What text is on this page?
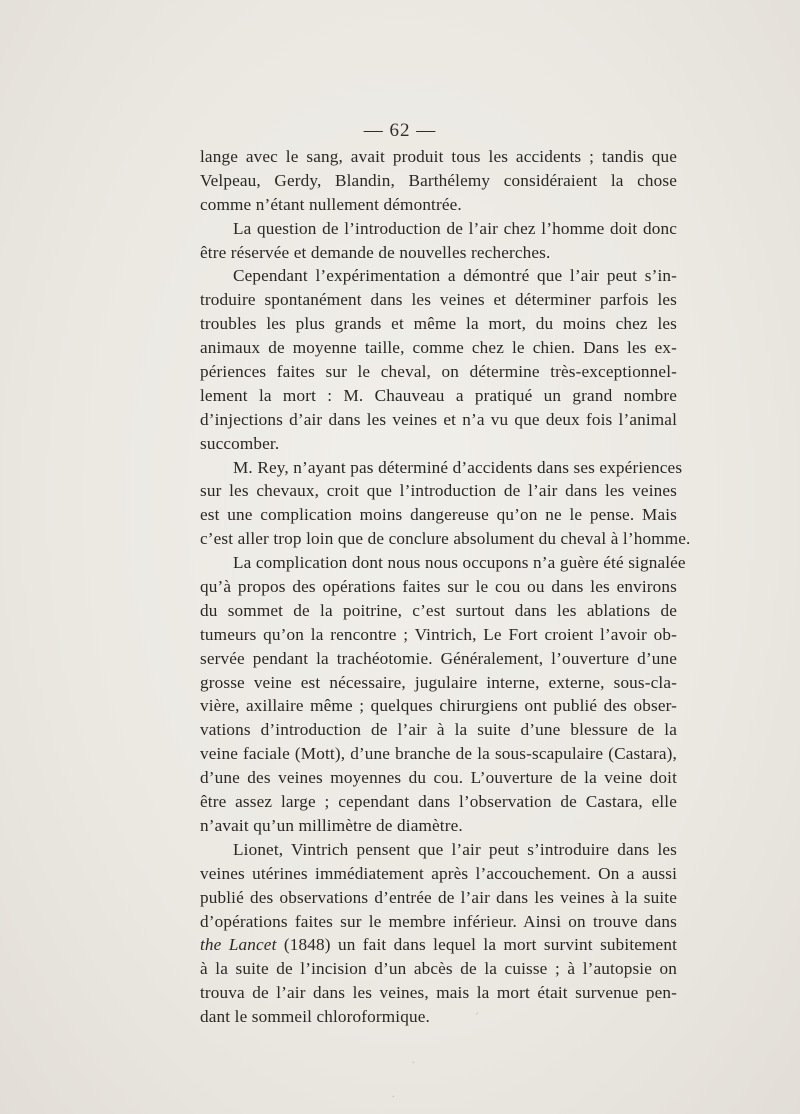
— 62 —
lange avec le sang, avait produit tous les accidents ; tandis que
Velpeau, Gerdy, Blandin, Barthélemy considéraient la chose
comme n’étant nullement démontrée.
La question de l’introduction de l’air chez l’homme doit donc
être réservée et demande de nouvelles recherches.
Cependant l’expérimentation a démontré que l’air peut s’in-
troduire spontanément dans les veines et déterminer parfois les
troubles les plus grands et même la mort, du moins chez les
animaux de moyenne taille, comme chez le chien. Dans les ex-
périences faites sur le cheval, on détermine très-exceptionnel-
lement la mort : M. Chauveau a pratiqué un grand nombre
d’injections d’air dans les veines et n’a vu que deux fois l’animal
succomber.
M. Rey, n’ayant pas déterminé d’accidents dans ses expériences
sur les chevaux, croit que l’introduction de l’air dans les veines
est une complication moins dangereuse qu’on ne le pense. Mais
c’est aller trop loin que de conclure absolument du cheval à l’homme.
La complication dont nous nous occupons n’a guère été signalée
qu’à propos des opérations faites sur le cou ou dans les environs
du sommet de la poitrine, c’est surtout dans les ablations de
tumeurs qu’on la rencontre ; Vintrich, Le Fort croient l’avoir ob-
servée pendant la trachéotomie. Généralement, l’ouverture d’une
grosse veine est nécessaire, jugulaire interne, externe, sous-cla-
vière, axillaire même ; quelques chirurgiens ont publié des obser-
vations d’introduction de l’air à la suite d’une blessure de la
veine faciale (Mott), d’une branche de la sous-scapulaire (Castara),
d’une des veines moyennes du cou. L’ouverture de la veine doit
être assez large ; cependant dans l’observation de Castara, elle
n’avait qu’un millimètre de diamètre.
Lionet, Vintrich pensent que l’air peut s’introduire dans les
veines utérines immédiatement après l’accouchement. On a aussi
publié des observations d’entrée de l’air dans les veines à la suite
d’opérations faites sur le membre inférieur. Ainsi on trouve dans
the Lancet (1848) un fait dans lequel la mort survint subitement
à la suite de l’incision d’un abcès de la cuisse ; à l’autopsie on
trouva de l’air dans les veines, mais la mort était survenue pen-
dant le sommeil chloroformique.	ˊ
.
.
